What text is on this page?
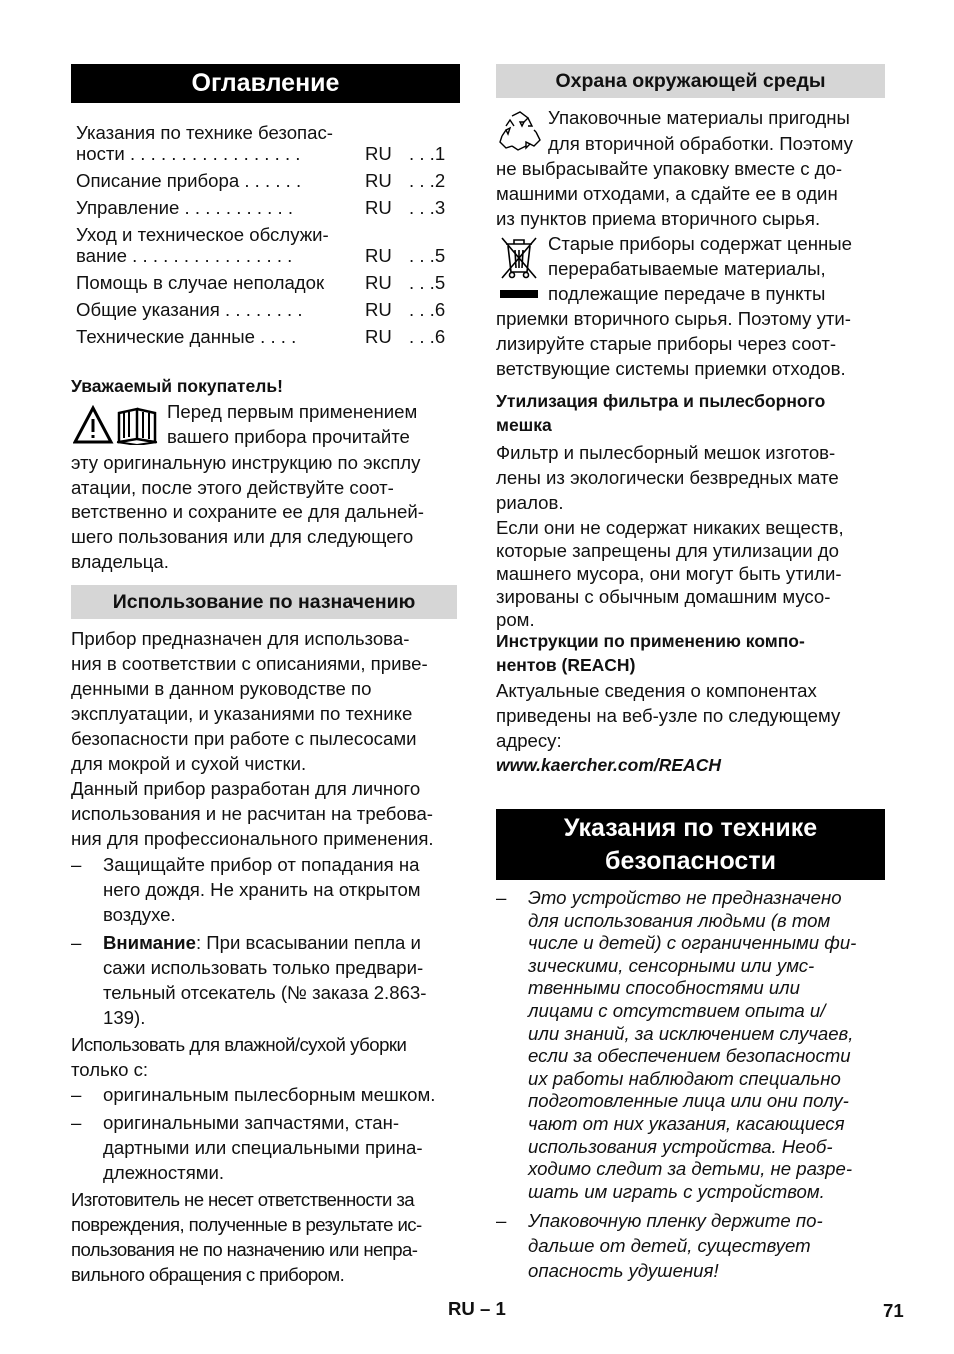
Оглавление
Указания по технике безопас-
ности . . . . . . . . . . . . . . . . .	RU . . .1
Описание прибора . . . . . .	RU . . .2
Управление . . . . . . . . . . .	RU . . .3
Уход и техническое обслужи-
вание . . . . . . . . . . . . . . . .	RU . . .5
Помощь в случае неполадок RU . . .5
Общие указания . . . . . . . .	RU . . .6
Технические данные . . . .	RU . . .6
Уважаемый покупатель!
Перед первым применением
вашего прибора прочитайте
эту оригинальную инструкцию по эксплу
атации, после этого действуйте соот-
ветственно и сохраните ее для дальней-
шего пользования или для следующего
владельца.
Использование по назначению
Прибор предназначен для использова-
ния в соответствии с описаниями, приве-
денными в данном руководстве по
эксплуатации, и указаниями по технике
безопасности при работе с пылесосами
для мокрой и сухой чистки.
Данный прибор разработан для личного
использования и не расчитан на требова-
ния для профессионального применения.
– Защищайте прибор от попадания на
него дождя. Не хранить на открытом
воздухе.
– Внимание: При всасывании пепла и
сажи использовать только предвари-
тельный отсекатель (№ заказа 2.863-
139).
Использовать для влажной/сухой уборки
только с:
– оригинальным пылесборным мешком.
– оригинальными запчастями, стан-
дартными или специальными прина-
длежностями.
Изготовитель не несет ответственности за
повреждения, полученные в результате ис-
пользования не по назначению или непра-
вильного обращения с прибором.
Охрана окружающей среды
Упаковочные материалы пригодны
для вторичной обработки. Поэтому
не выбрасывайте упаковку вместе с до-
машними отходами, а сдайте ее в один
из пунктов приема вторичного сырья.
Старые приборы содержат ценные
перерабатываемые материалы,
подлежащие передаче в пункты
приемки вторичного сырья. Поэтому ути-
лизируйте старые приборы через соот-
ветствующие системы приемки отходов.
Утилизация фильтра и пылесборного
мешка
Фильтр и пылесборный мешок изготов-
лены из экологически безвредных мате
риалов.
Если они не содержат никаких веществ,
которые запрещены для утилизации до
машнего мусора, они могут быть утили-
зированы с обычным домашним мусо-
ром.
Инструкции по применению компо-
нентов (REACH)
Актуальные сведения о компонентах
приведены на веб-узле по следующему
адресу:
www.kaercher.com/REACH
Указания по технике
безопасности
– Это устройство не предназначено
для использования людьми (в том
числе и детей) с ограниченными фи-
зическими, сенсорными или умс-
твенными способностями или
лицами с отсутствием опыта и/
или знаний, за исключением случаев,
если за обеспечением безопасности
их работы наблюдают специально
подготовленные лица или они полу-
чают от них указания, касающиеся
использования устройства. Необ-
ходимо следит за детьми, не разре-
шать им играть с устройством.
– Упаковочную пленку держите по-
дальше от детей, существует
опасность удушения!
RU – 1	71
